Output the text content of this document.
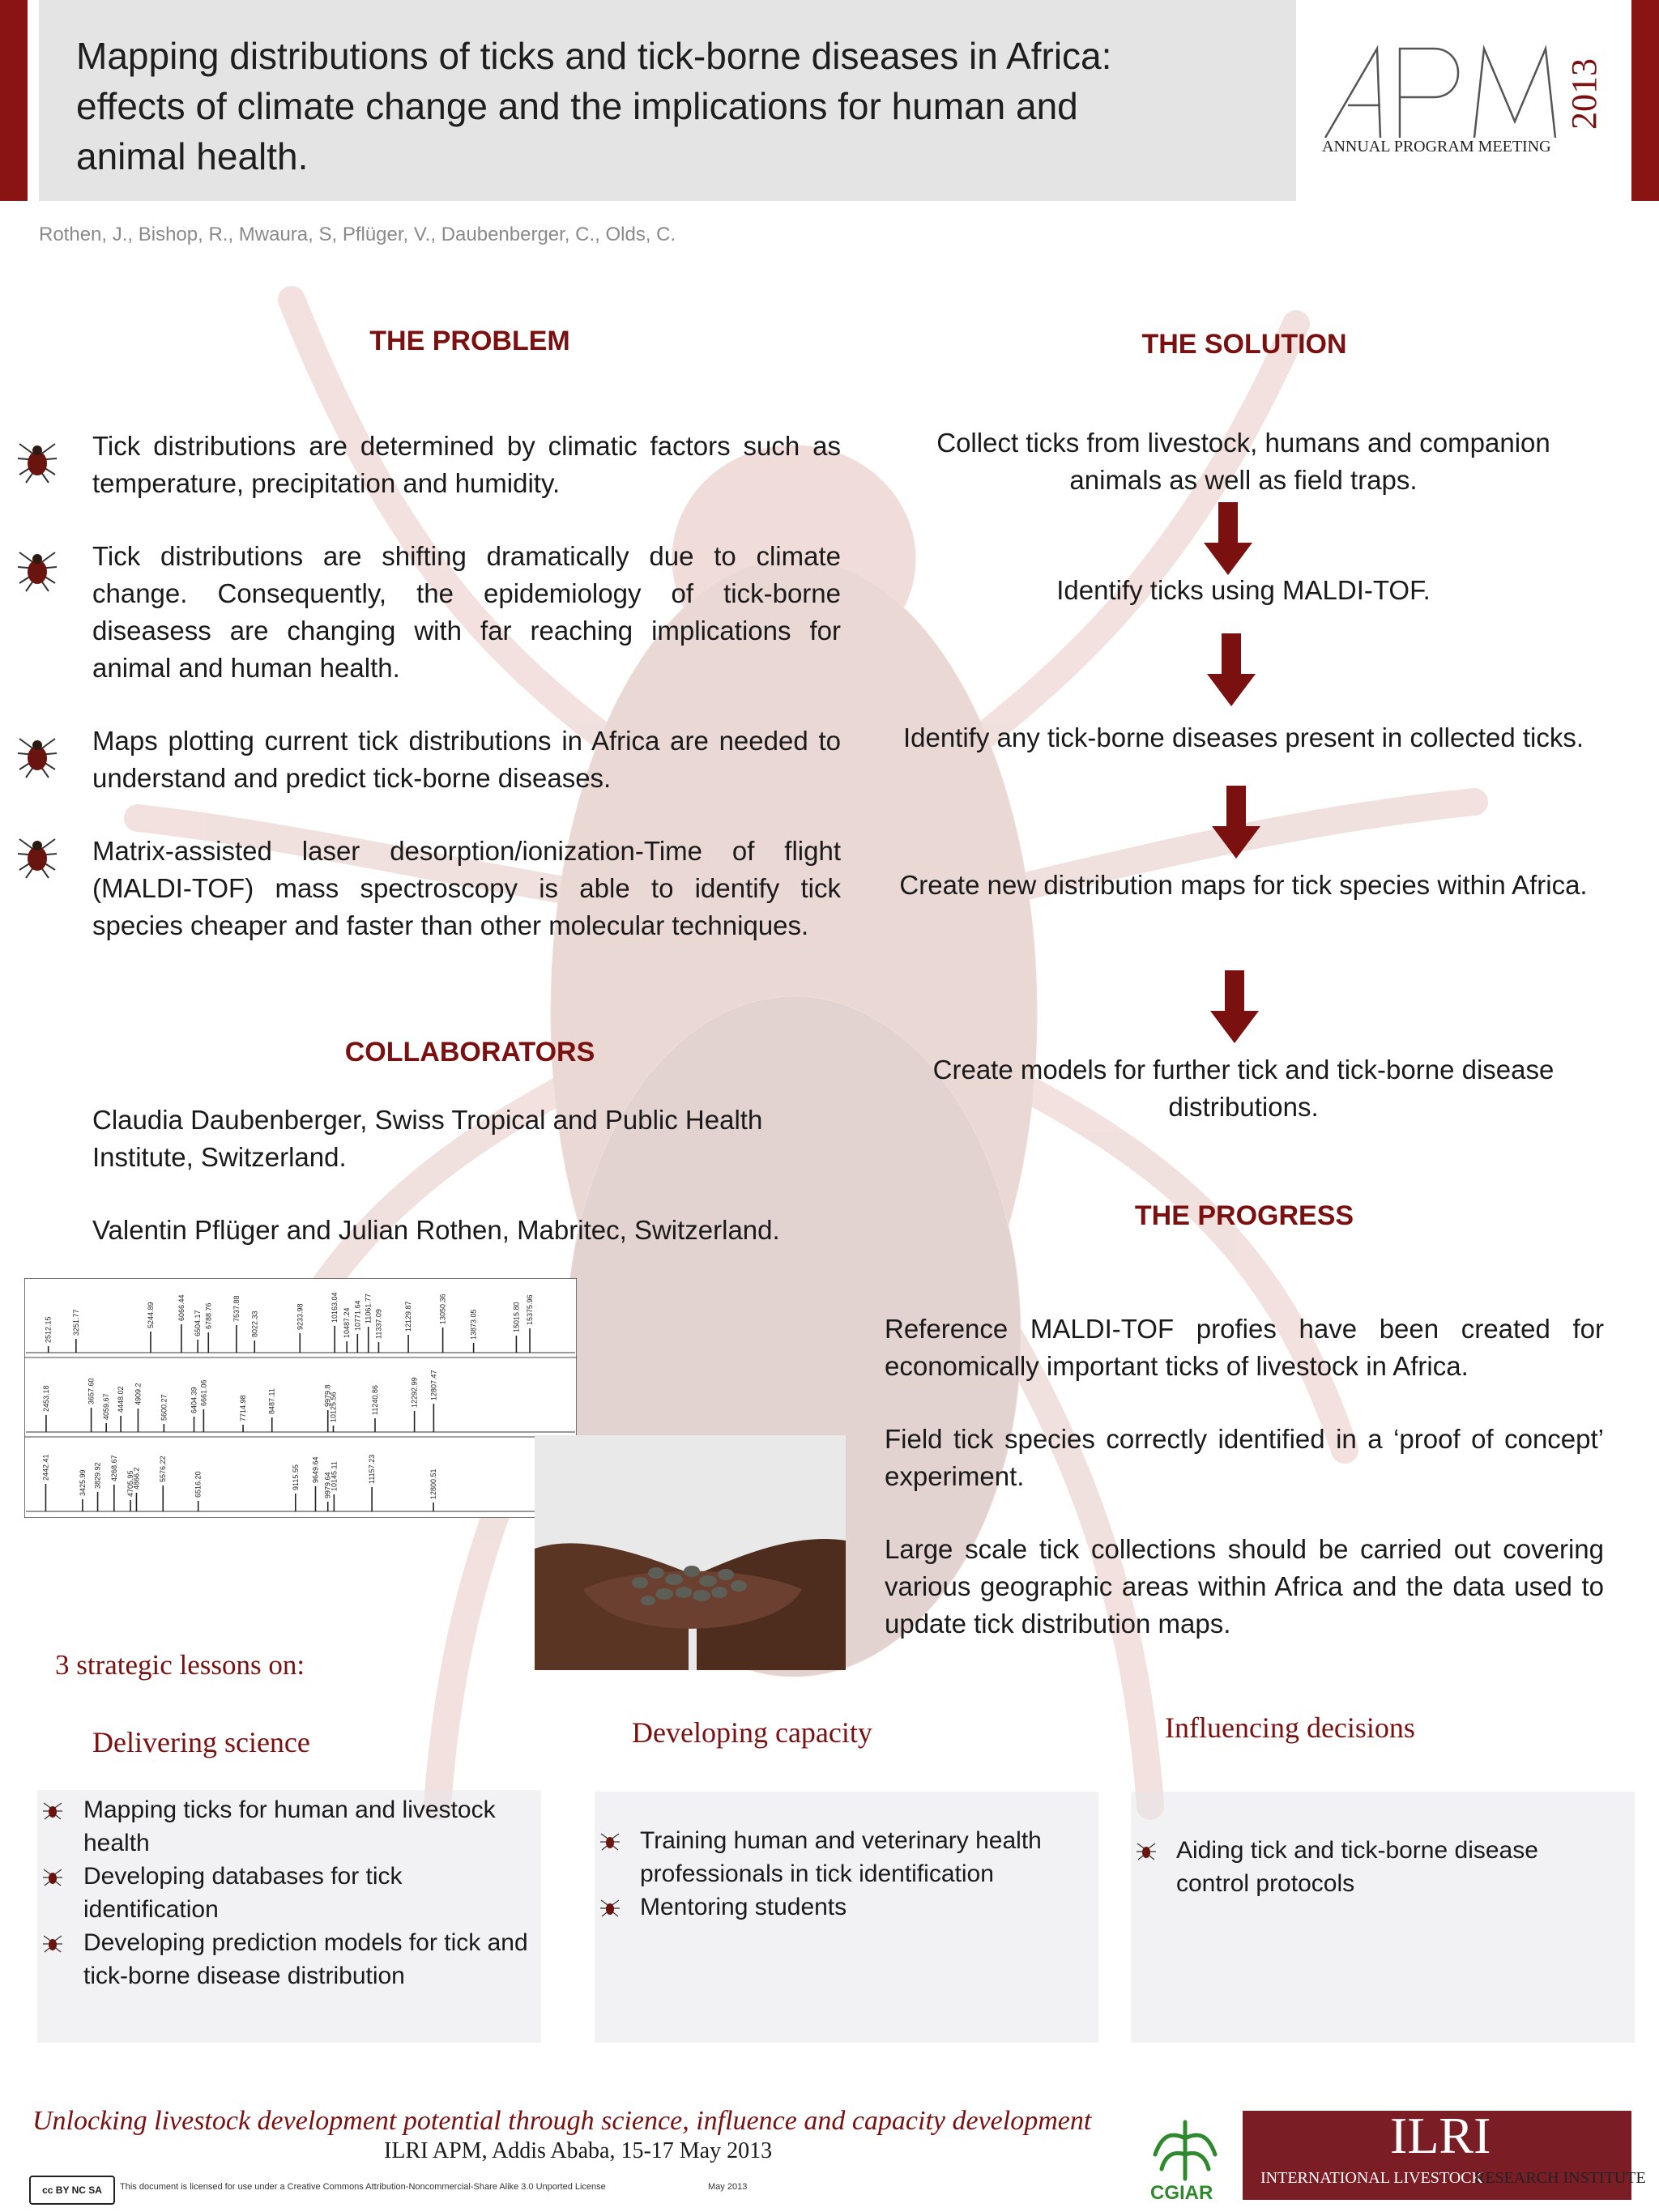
Mapping distributions of ticks and tick-borne diseases in Africa:
effects of climate change and the implications for human and
animal health.
2013
ANNUAL PROGRAM MEETING
Rothen, J., Bishop, R., Mwaura, S, Pflüger, V., Daubenberger, C., Olds, C.
THE PROBLEM
Tick distributions are determined by climatic factors such as temperature, precipitation and humidity.
Tick distributions are shifting dramatically due to climate change. Consequently, the epidemiology of tick-borne diseasess are changing with far reaching implications for animal and human health.
Maps plotting current tick distributions in Africa are needed to understand and predict tick-borne diseases.
Matrix-assisted laser desorption/ionization-Time of flight (MALDI-TOF) mass spectroscopy is able to identify tick species cheaper and faster than other molecular techniques.
COLLABORATORS
Claudia Daubenberger, Swiss Tropical and Public Health Institute, Switzerland.
Valentin Pflüger and Julian Rothen, Mabritec, Switzerland.
2512.15	3251.77	5244.89	6066.44
6504.17 6788.76	7537.88
8022.33	9233.98	10163.04
10487.24 10771.64 11061.77
11337.09	12129.87	13050.36
13873.05	15015.80 15375.96
2453.18	3657.60
4059.67 4448.02 4909.2
5600.27	6404.39 6661.06
7714.98	8487.11	9979.8
10125.56	11240.86	12292.99 12807.47
2442.41
3425.99 3829.92 4268.67
4705.95
4866.2	5576.22
6516.20	9115.55 9649.64
9979.64
10145.11	11157.23	12800.51
THE SOLUTION
Collect ticks from livestock, humans and companion animals as well as field traps.
Identify ticks using MALDI-TOF.
Identify any tick-borne diseases present in collected ticks.
Create new distribution maps for tick species within Africa.
Create models for further tick and tick-borne disease distributions.
THE PROGRESS
Reference MALDI-TOF profies have been created for economically important ticks of livestock in Africa.
Field tick species correctly identified in a ‘proof of concept’ experiment.
Large scale tick collections should be carried out covering various geographic areas within Africa and the data used to update tick distribution maps.
3 strategic lessons on:
Delivering science	Developing capacity	Influencing decisions
Mapping ticks for human and livestock health
Developing databases for tick identification
Developing prediction models for tick and tick-borne disease distribution
Training human and veterinary health professionals in tick identification
Mentoring students
Aiding tick and tick-borne disease control protocols
Unlocking livestock development potential through science, influence and capacity development
ILRI APM, Addis Ababa, 15-17 May 2013
cc BY NC SA	This document is licensed for use under a Creative Commons Attribution-Noncommercial-Share Alike 3.0 Unported License	May 2013	CGIAR
ILRI
INTERNATIONAL LIVESTOCK
RESEARCH INSTITUTE
